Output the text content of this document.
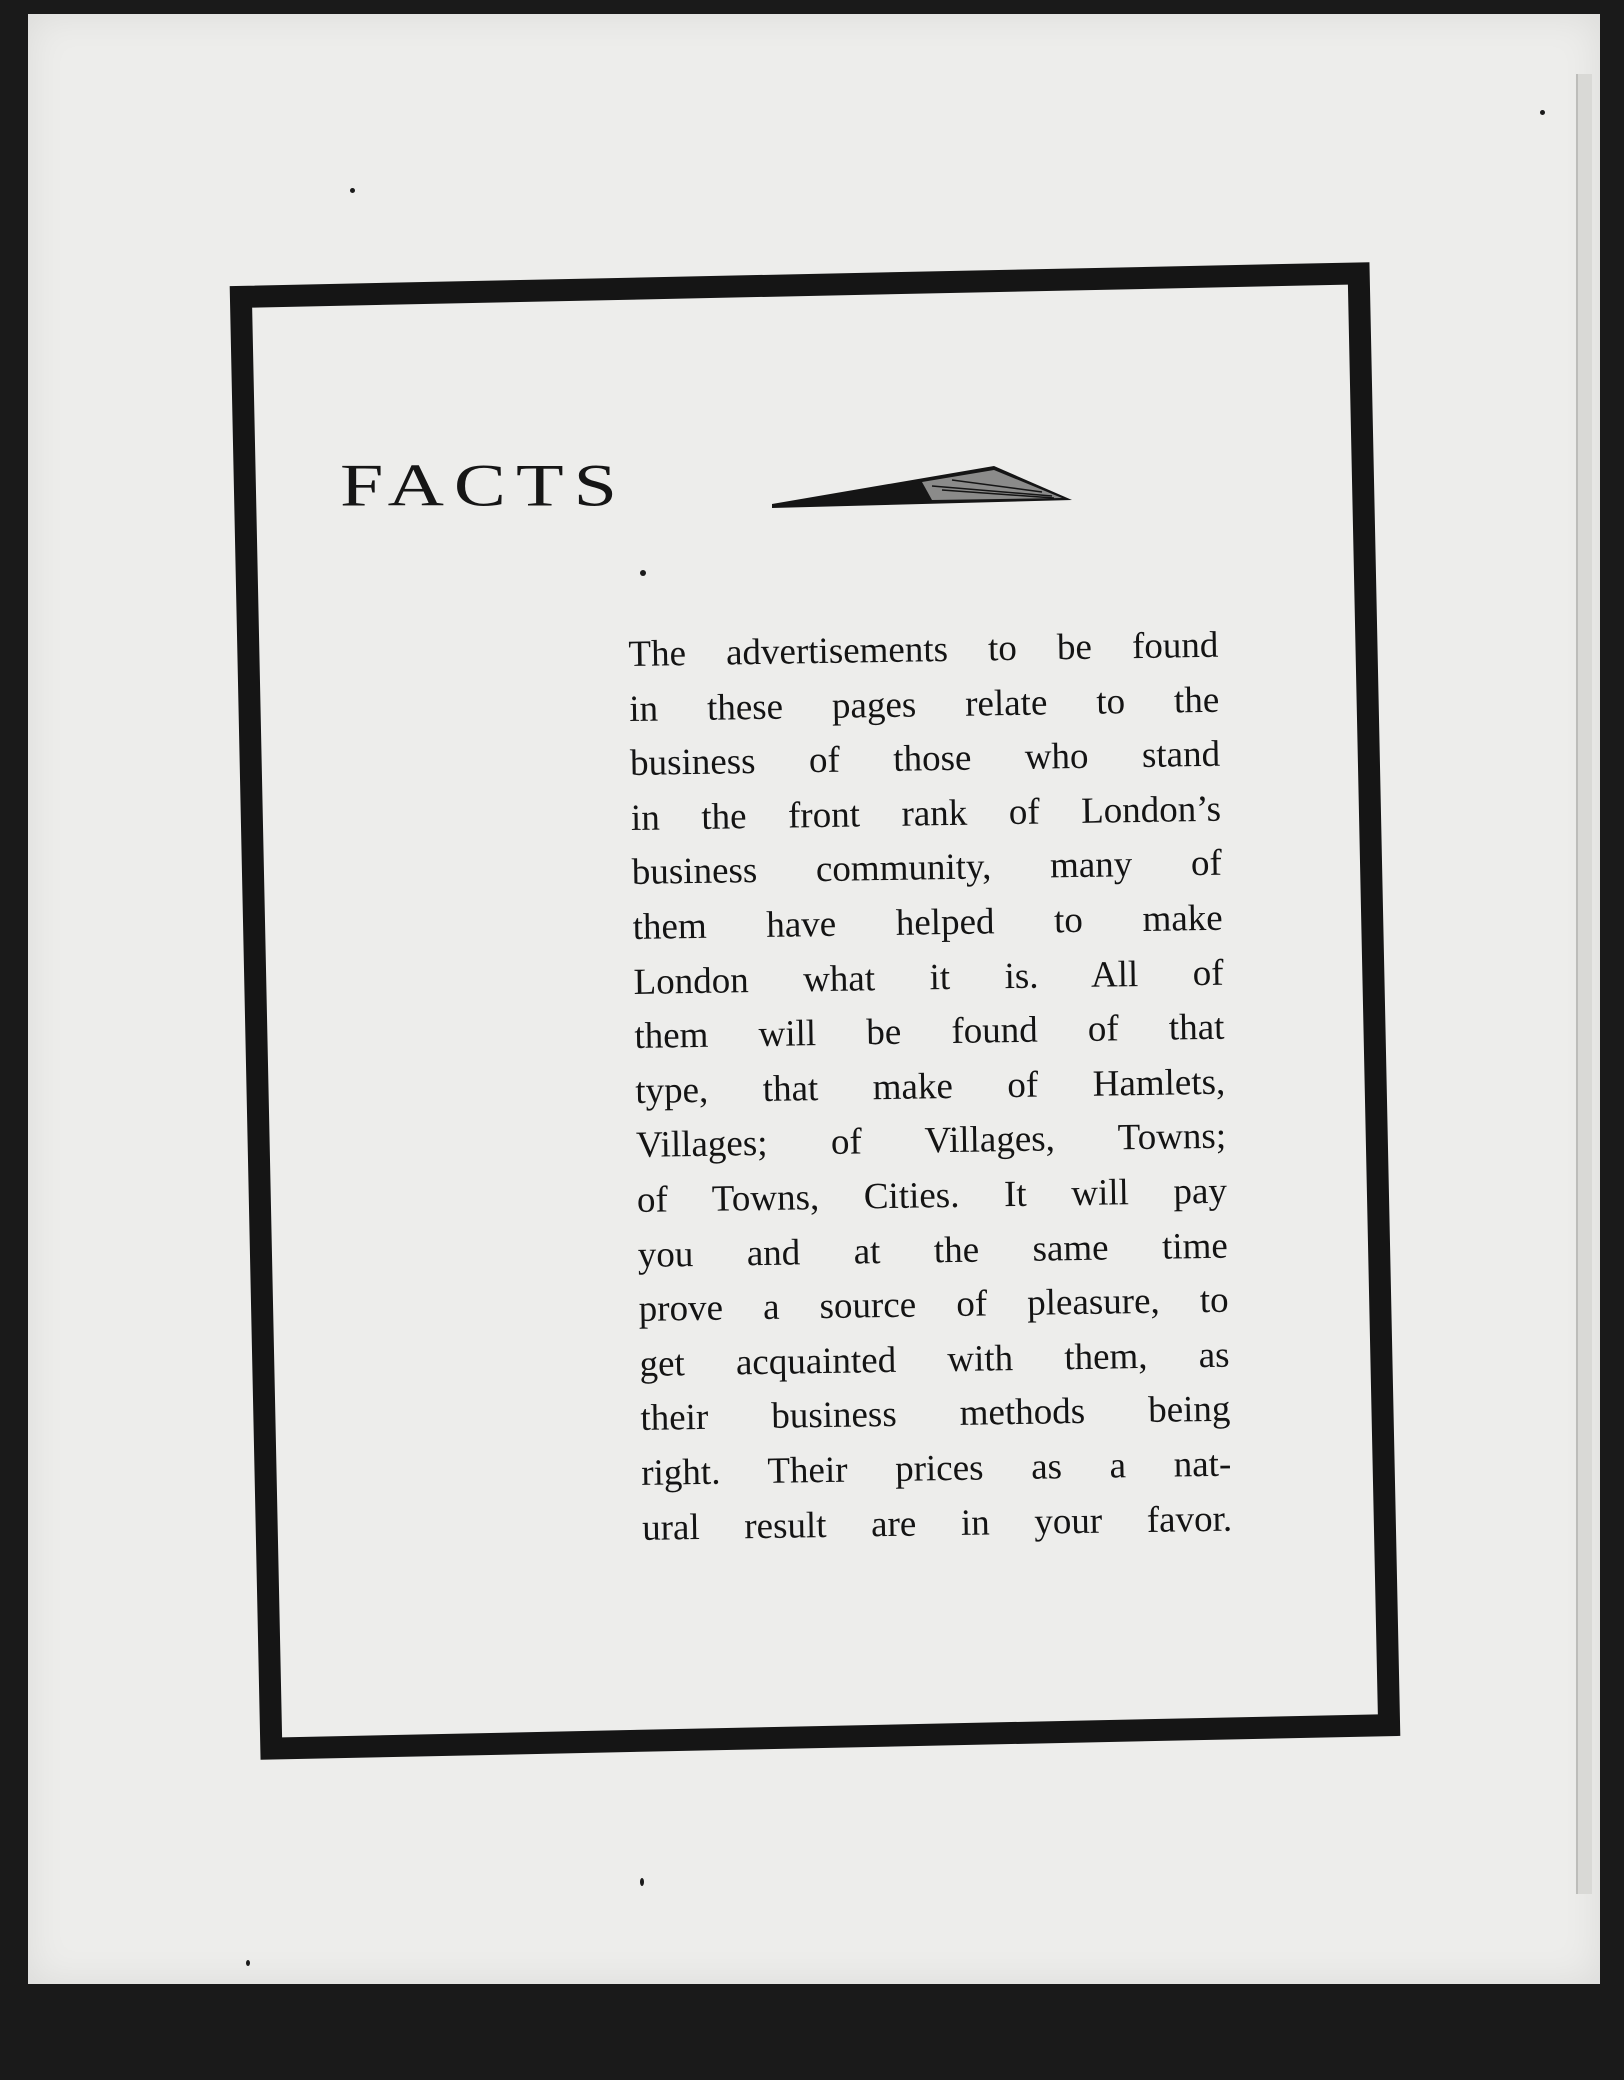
FACTS
The advertisements to be found
in these pages relate to the
business of those who stand
in the front rank of London’s
business community, many of
them have helped to make
London what it is. All of
them will be found of that
type, that make of Hamlets,
Villages; of Villages, Towns;
of Towns, Cities. It will pay
you and at the same time
prove a source of pleasure, to
get acquainted with them, as
their business methods being
right. Their prices as a nat-
ural result are in your favor.
